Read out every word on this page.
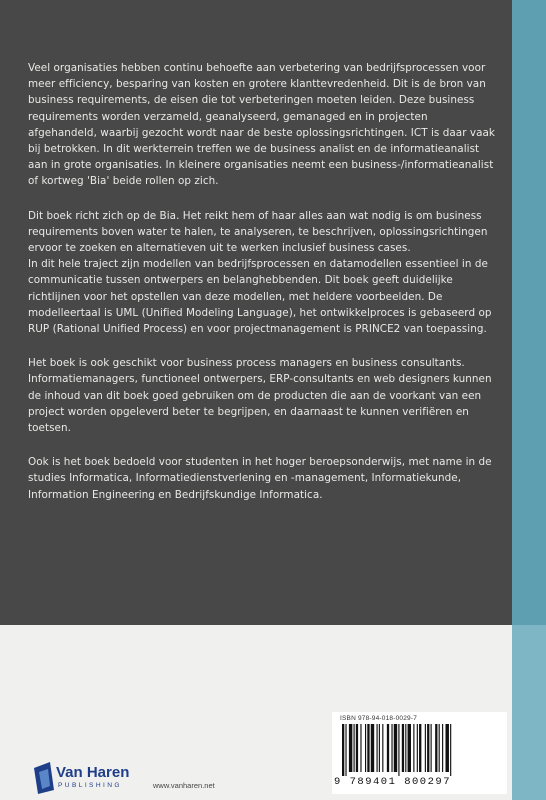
Veel organisaties hebben continu behoefte aan verbetering van bedrijfsprocessen voor meer efficiency, besparing van kosten en grotere klanttevredenheid. Dit is de bron van business requirements, de eisen die tot verbeteringen moeten leiden. Deze business requirements worden verzameld, geanalyseerd, gemanaged en in projecten afgehandeld, waarbij gezocht wordt naar de beste oplossingsrichtingen. ICT is daar vaak bij betrokken. In dit werkterrein treffen we de business analist en de informatieanalist aan in grote organisaties. In kleinere organisaties neemt een business-/informatieanalist of kortweg 'Bia' beide rollen op zich.

Dit boek richt zich op de Bia. Het reikt hem of haar alles aan wat nodig is om business requirements boven water te halen, te analyseren, te beschrijven, oplossingsrichtingen ervoor te zoeken en alternatieven uit te werken inclusief business cases.
In dit hele traject zijn modellen van bedrijfsprocessen en datamodellen essentieel in de communicatie tussen ontwerpers en belanghebbenden. Dit boek geeft duidelijke richtlijnen voor het opstellen van deze modellen, met heldere voorbeelden. De modelleertaal is UML (Unified Modeling Language), het ontwikkelproces is gebaseerd op RUP (Rational Unified Process) en voor projectmanagement is PRINCE2 van toepassing.

Het boek is ook geschikt voor business process managers en business consultants. Informatiemanagers, functioneel ontwerpers, ERP-consultants en web designers kunnen de inhoud van dit boek goed gebruiken om de producten die aan de voorkant van een project worden opgeleverd beter te begrijpen, en daarnaast te kunnen verifiëren en toetsen.

Ook is het boek bedoeld voor studenten in het hoger beroepsonderwijs, met name in de studies Informatica, Informatiedienstverlening en -management, Informatiekunde, Information Engineering en Bedrijfskundige Informatica.

ISBN 978-94-018-0029-7
9 789401 800297
Van Haren
PUBLISHING	www.vanharen.net
